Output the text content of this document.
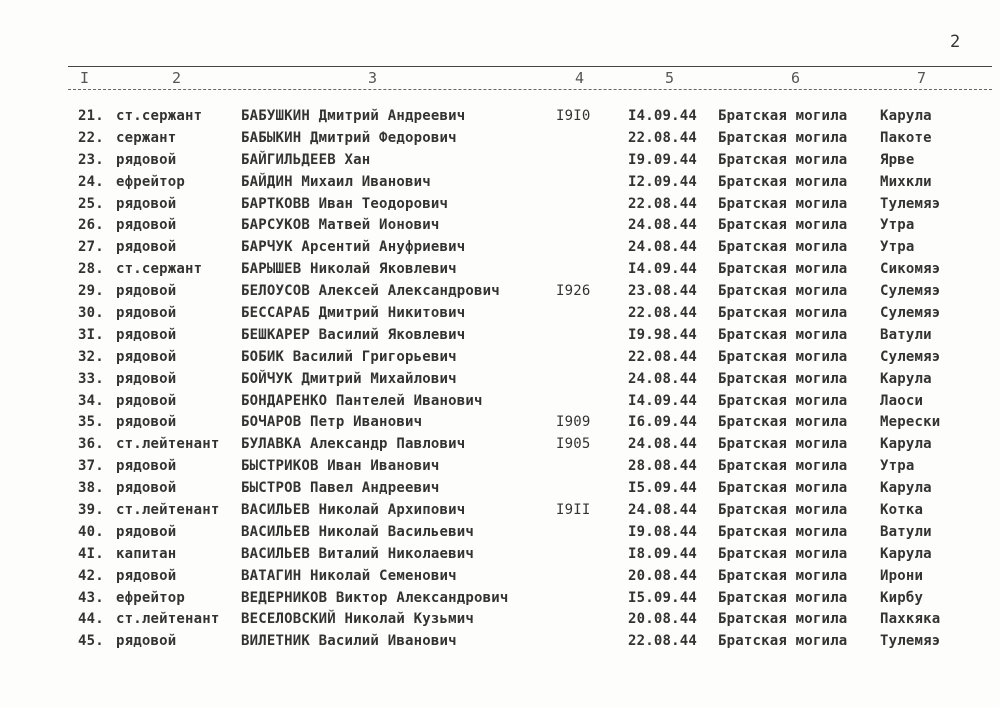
2
I	2	3	4	5	6	7
21. ст.сержант	БАБУШКИН Дмитрий Андреевич	I9I0	I4.09.44 Братская могила Карула
22. сержант	БАБЫКИН Дмитрий Федорович	22.08.44 Братская могила Пакоте
23. рядовой	БАЙГИЛЬДЕЕВ Хан	I9.09.44 Братская могила Ярве
24. ефрейтор	БАЙДИН Михаил Иванович	I2.09.44 Братская могила Михкли
25. рядовой	БАРТКОВВ Иван Теодорович	22.08.44 Братская могила Тулемяэ
26. рядовой	БАРСУКОВ Матвей Ионович	24.08.44 Братская могила Утра
27. рядовой	БАРЧУК Арсентий Ануфриевич	24.08.44 Братская могила Утра
28. ст.сержант	БАРЫШЕВ Николай Яковлевич	I4.09.44 Братская могила Сикомяэ
29. рядовой	БЕЛОУСОВ Алексей Александрович	I926	23.08.44 Братская могила Сулемяэ
30. рядовой	БЕССАРАБ Дмитрий Никитович	22.08.44 Братская могила Сулемяэ
3I. рядовой	БЕШКАРЕР Василий Яковлевич	I9.98.44 Братская могила Ватули
32. рядовой	БОБИК Василий Григорьевич	22.08.44 Братская могила Сулемяэ
33. рядовой	БОЙЧУК Дмитрий Михайлович	24.08.44 Братская могила Карула
34. рядовой	БОНДАРЕНКО Пантелей Иванович	I4.09.44 Братская могила Лаоси
35. рядовой	БОЧАРОВ Петр Иванович	I909	I6.09.44 Братская могила Мерески
36. ст.лейтенант БУЛАВКА Александр Павлович	I905	24.08.44 Братская могила Карула
37. рядовой	БЫСТРИКОВ Иван Иванович	28.08.44 Братская могила Утра
38. рядовой	БЫСТРОВ Павел Андреевич	I5.09.44 Братская могила Карула
39. ст.лейтенант ВАСИЛЬЕВ Николай Архипович	I9II	24.08.44 Братская могила Котка
40. рядовой	ВАСИЛЬЕВ Николай Васильевич	I9.08.44 Братская могила Ватули
4I. капитан	ВАСИЛЬЕВ Виталий Николаевич	I8.09.44 Братская могила Карула
42. рядовой	ВАТАГИН Николай Семенович	20.08.44 Братская могила Ирони
43. ефрейтор	ВЕДЕРНИКОВ Виктор Александрович	I5.09.44 Братская могила Кирбу
44. ст.лейтенант ВЕСЕЛОВСКИЙ Николай Кузьмич	20.08.44 Братская могила Пахкяка
45. рядовой	ВИЛЕТНИК Василий Иванович	22.08.44 Братская могила Тулемяэ
